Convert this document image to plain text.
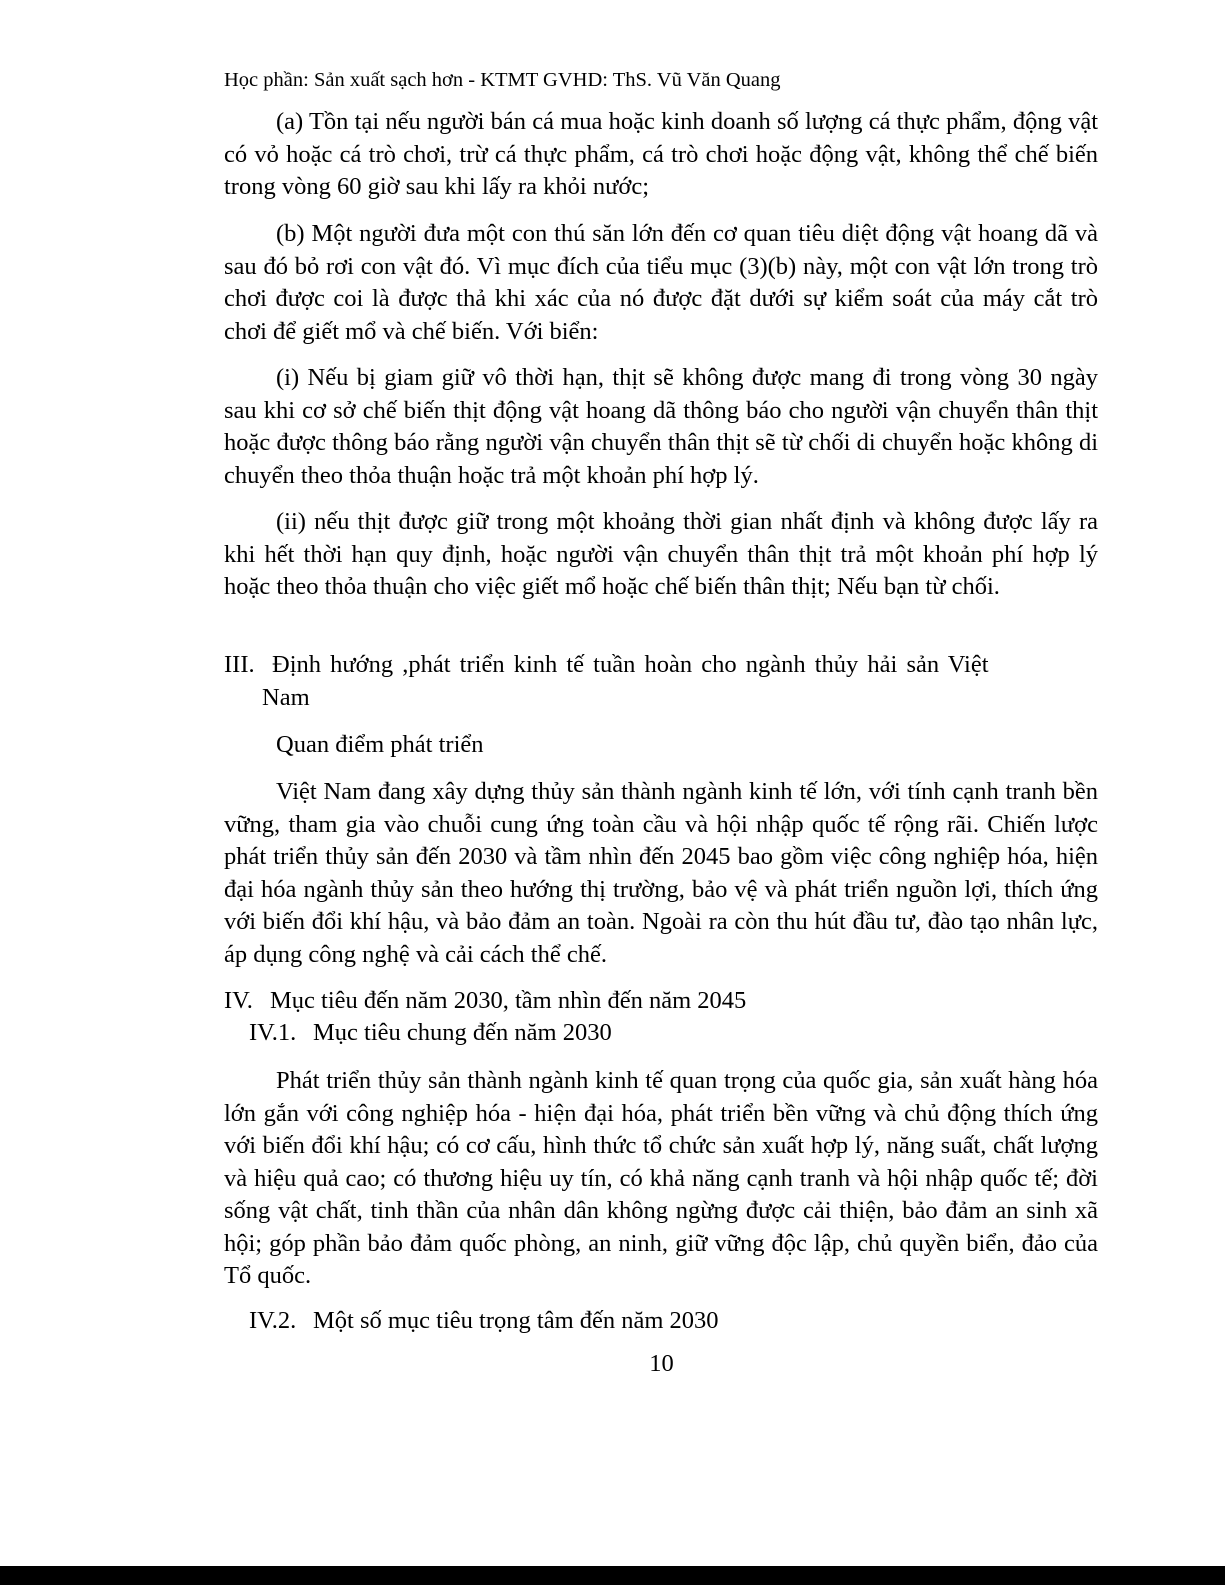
Học phần: Sản xuất sạch hơn - KTMT GVHD: ThS. Vũ Văn Quang

(a) Tồn tại nếu người bán cá mua hoặc kinh doanh số lượng cá thực phẩm, động vật có vỏ hoặc cá trò chơi, trừ cá thực phẩm, cá trò chơi hoặc động vật, không thể chế biến trong vòng 60 giờ sau khi lấy ra khỏi nước;

(b) Một người đưa một con thú săn lớn đến cơ quan tiêu diệt động vật hoang dã và sau đó bỏ rơi con vật đó. Vì mục đích của tiểu mục (3)(b) này, một con vật lớn trong trò chơi được coi là được thả khi xác của nó được đặt dưới sự kiểm soát của máy cắt trò chơi để giết mổ và chế biến. Với biển:

(i) Nếu bị giam giữ vô thời hạn, thịt sẽ không được mang đi trong vòng 30 ngày sau khi cơ sở chế biến thịt động vật hoang dã thông báo cho người vận chuyển thân thịt hoặc được thông báo rằng người vận chuyển thân thịt sẽ từ chối di chuyển hoặc không di chuyển theo thỏa thuận hoặc trả một khoản phí hợp lý.

(ii) nếu thịt được giữ trong một khoảng thời gian nhất định và không được lấy ra khi hết thời hạn quy định, hoặc người vận chuyển thân thịt trả một khoản phí hợp lý hoặc theo thỏa thuận cho việc giết mổ hoặc chế biến thân thịt; Nếu bạn từ chối.

III. Định hướng ,phát triển kinh tế tuần hoàn cho ngành thủy hải sản Việt
Nam
Quan điểm phát triển

Việt Nam đang xây dựng thủy sản thành ngành kinh tế lớn, với tính cạnh tranh bền vững, tham gia vào chuỗi cung ứng toàn cầu và hội nhập quốc tế rộng rãi. Chiến lược phát triển thủy sản đến 2030 và tầm nhìn đến 2045 bao gồm việc công nghiệp hóa, hiện đại hóa ngành thủy sản theo hướng thị trường, bảo vệ và phát triển nguồn lợi, thích ứng với biến đổi khí hậu, và bảo đảm an toàn. Ngoài ra còn thu hút đầu tư, đào tạo nhân lực, áp dụng công nghệ và cải cách thể chế.

IV. Mục tiêu đến năm 2030, tầm nhìn đến năm 2045
IV.1. Mục tiêu chung đến năm 2030

Phát triển thủy sản thành ngành kinh tế quan trọng của quốc gia, sản xuất hàng hóa lớn gắn với công nghiệp hóa - hiện đại hóa, phát triển bền vững và chủ động thích ứng với biến đổi khí hậu; có cơ cấu, hình thức tổ chức sản xuất hợp lý, năng suất, chất lượng và hiệu quả cao; có thương hiệu uy tín, có khả năng cạnh tranh và hội nhập quốc tế; đời sống vật chất, tinh thần của nhân dân không ngừng được cải thiện, bảo đảm an sinh xã hội; góp phần bảo đảm quốc phòng, an ninh, giữ vững độc lập, chủ quyền biển, đảo của Tổ quốc.

IV.2. Một số mục tiêu trọng tâm đến năm 2030
10
